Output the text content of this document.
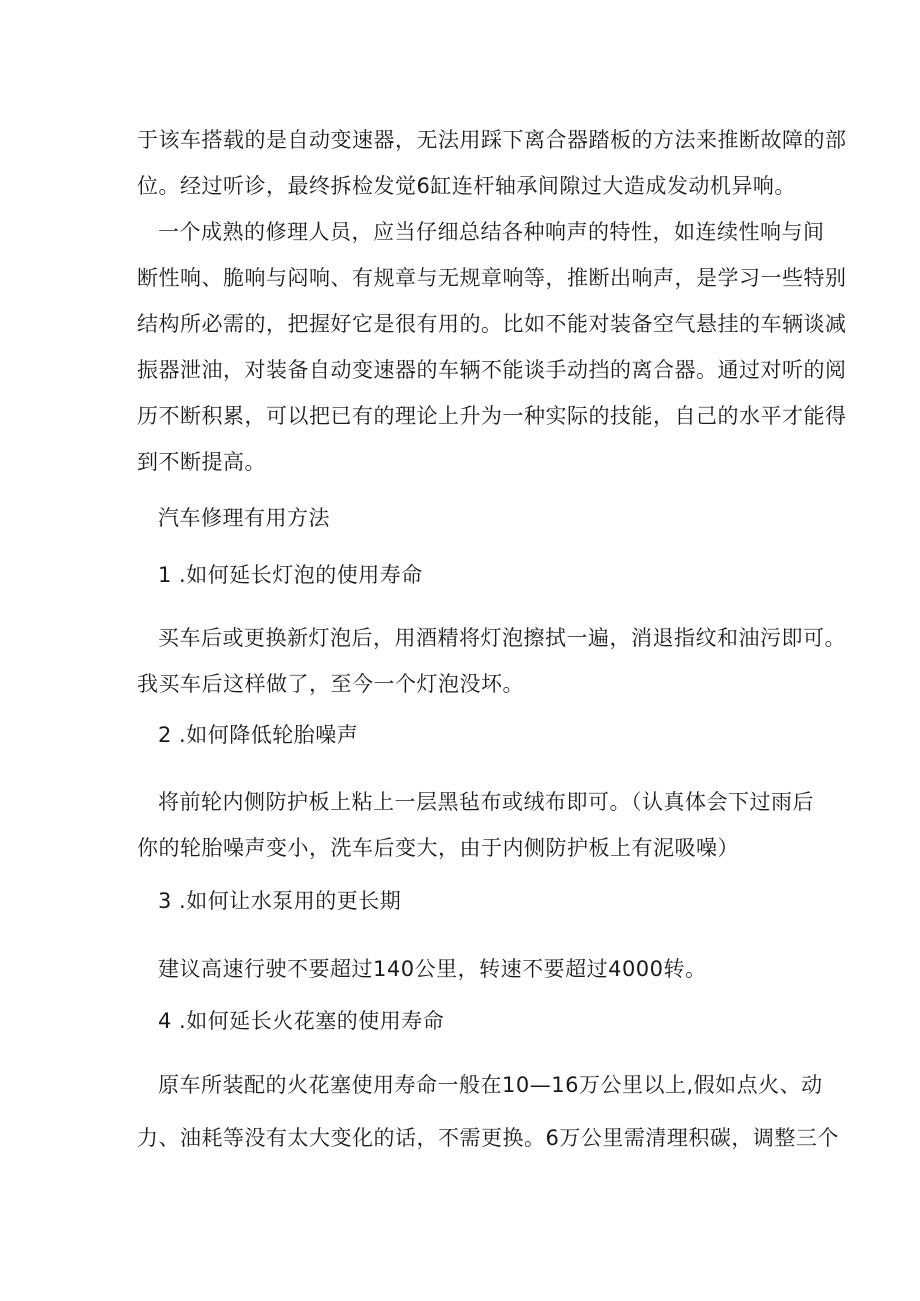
于该车搭载的是自动变速器，无法用踩下离合器踏板的方法来推断故障的部
位。经过听诊，最终拆检发觉6缸连杆轴承间隙过大造成发动机异响。
一个成熟的修理人员，应当仔细总结各种响声的特性，如连续性响与间
断性响、脆响与闷响、有规章与无规章响等，推断出响声，是学习一些特别
结构所必需的，把握好它是很有用的。比如不能对装备空气悬挂的车辆谈减
振器泄油，对装备自动变速器的车辆不能谈手动挡的离合器。通过对听的阅
历不断积累，可以把已有的理论上升为一种实际的技能，自己的水平才能得
到不断提高。
汽车修理有用方法
1 .如何延长灯泡的使用寿命
买车后或更换新灯泡后，用酒精将灯泡擦拭一遍，消退指纹和油污即可。
我买车后这样做了，至今一个灯泡没坏。
2 .如何降低轮胎噪声
将前轮内侧防护板上粘上一层黑毡布或绒布即可。（认真体会下过雨后
你的轮胎噪声变小，洗车后变大，由于内侧防护板上有泥吸噪）
3 .如何让水泵用的更长期
建议高速行驶不要超过140公里，转速不要超过4000转。
4 .如何延长火花塞的使用寿命
原车所装配的火花塞使用寿命一般在10—16万公里以上,假如点火、动
力、油耗等没有太大变化的话，不需更换。6万公里需清理积碳，调整三个
